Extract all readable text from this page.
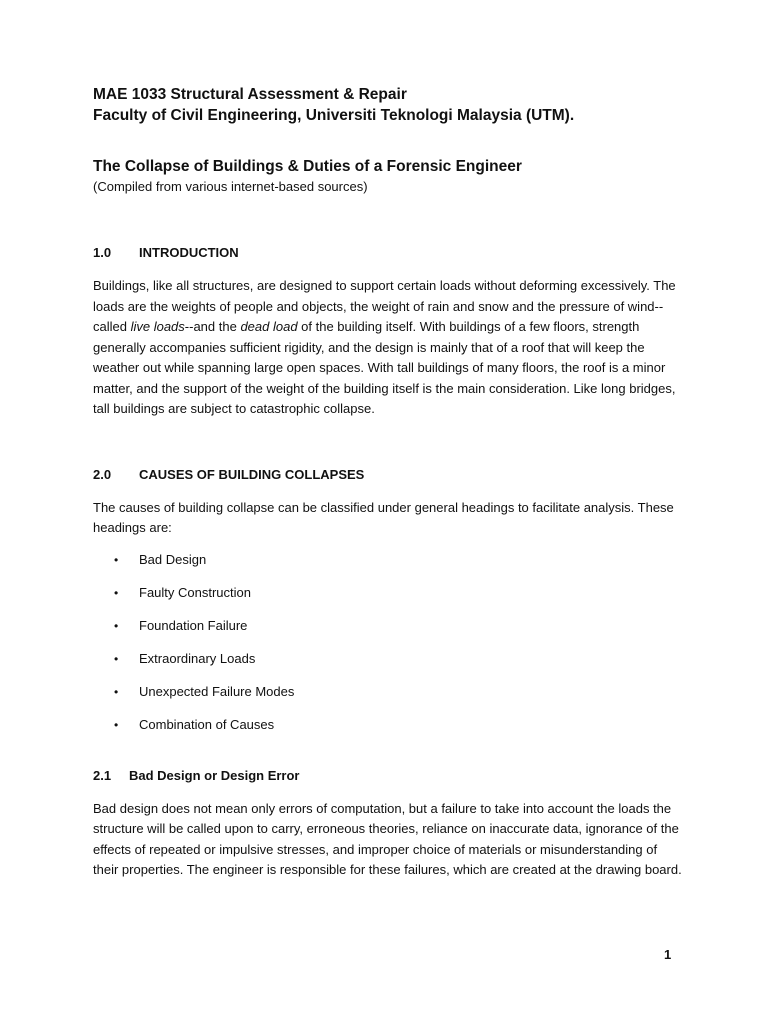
MAE 1033 Structural Assessment & Repair

Faculty of Civil Engineering, Universiti Teknologi Malaysia (UTM).

The Collapse of Buildings & Duties of a Forensic Engineer

(Compiled from various internet-based sources)

1.0	INTRODUCTION

Buildings, like all structures, are designed to support certain loads without deforming excessively. The loads are the weights of people and objects, the weight of rain and snow and the pressure of wind--called live loads--and the dead load of the building itself. With buildings of a few floors, strength generally accompanies sufficient rigidity, and the design is mainly that of a roof that will keep the weather out while spanning large open spaces. With tall buildings of many floors, the roof is a minor matter, and the support of the weight of the building itself is the main consideration. Like long bridges, tall buildings are subject to catastrophic collapse.

2.0	CAUSES OF BUILDING COLLAPSES

The causes of building collapse can be classified under general headings to facilitate analysis. These headings are:

• Bad Design
• Faulty Construction
• Foundation Failure
• Extraordinary Loads
• Unexpected Failure Modes
• Combination of Causes
2.1	Bad Design or Design Error

Bad design does not mean only errors of computation, but a failure to take into account the loads the structure will be called upon to carry, erroneous theories, reliance on inaccurate data, ignorance of the effects of repeated or impulsive stresses, and improper choice of materials or misunderstanding of their properties. The engineer is responsible for these failures, which are created at the drawing board.

1
